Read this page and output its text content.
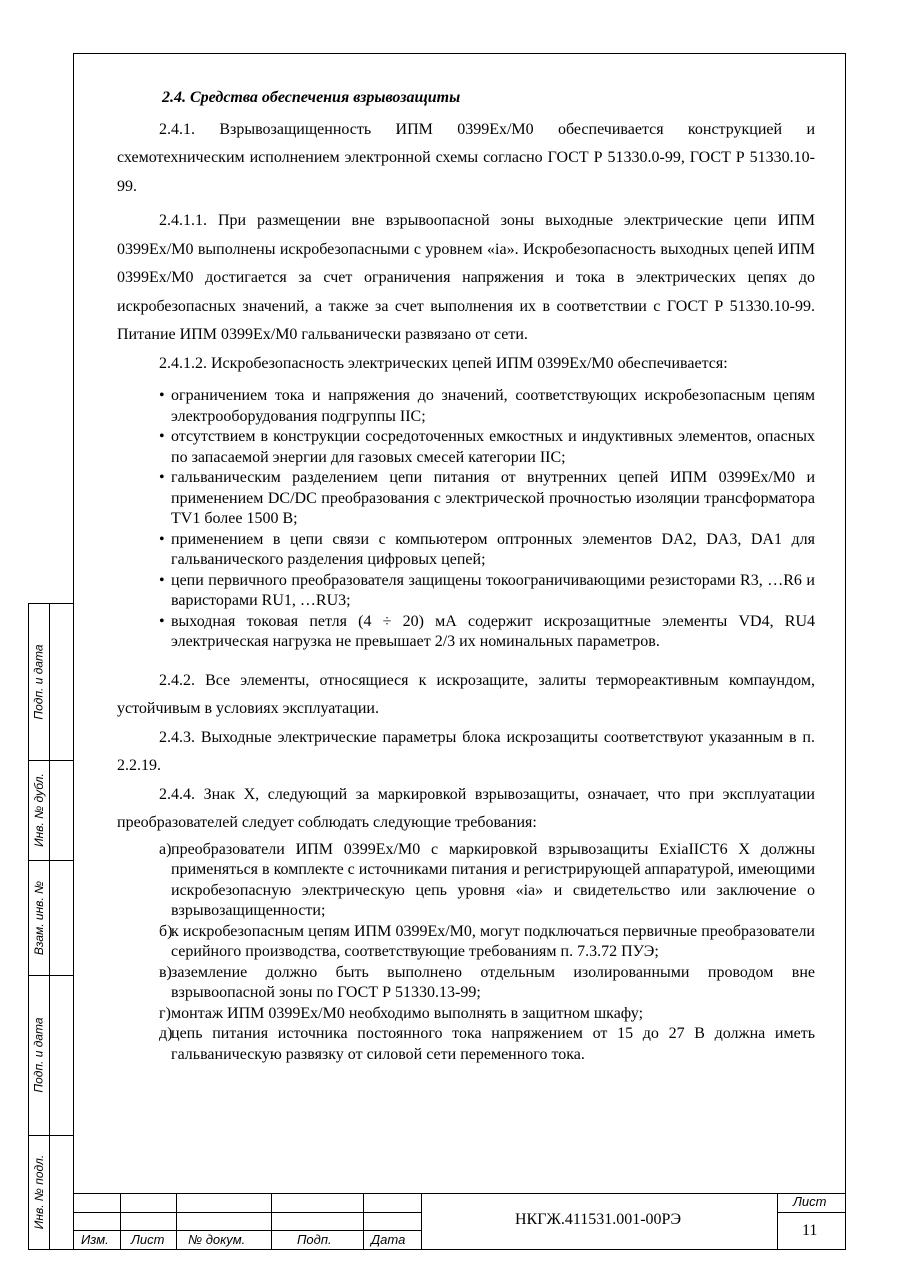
Подп. и дата
Инв. № дубл.
Взам. инв. №
Подп. и дата
Инв. № подл.
2.4. Средства обеспечения взрывозащиты

2.4.1. Взрывозащищенность ИПМ 0399Ex/M0 обеспечивается конструкцией и схемотехническим исполнением электронной схемы согласно ГОСТ Р 51330.0-99, ГОСТ Р 51330.10-99.

2.4.1.1. При размещении вне взрывоопасной зоны выходные электрические цепи ИПМ 0399Ex/M0 выполнены искробезопасными с уровнем «ia». Искробезопасность выходных цепей ИПМ 0399Ex/M0 достигается за счет ограничения напряжения и тока в электрических цепях до искробезопасных значений, а также за счет выполнения их в соответствии с ГОСТ Р 51330.10-99. Питание ИПМ 0399Ex/M0 гальванически развязано от сети.

2.4.1.2. Искробезопасность электрических цепей ИПМ 0399Ex/M0 обеспечивается:

• ограничением тока и напряжения до значений, соответствующих искробезопасным цепям электрооборудования подгруппы IIC;
• отсутствием в конструкции сосредоточенных емкостных и индуктивных элементов, опасных по запасаемой энергии для газовых смесей категории IIC;
• гальваническим разделением цепи питания от внутренних цепей ИПМ 0399Ex/M0 и применением DC/DC преобразования с электрической прочностью изоляции трансформатора TV1 более 1500 В;
• применением в цепи связи с компьютером оптронных элементов DA2, DA3, DA1 для гальванического разделения цифровых цепей;
• цепи первичного преобразователя защищены токоограничивающими резисторами R3, …R6 и варисторами RU1, …RU3;
• выходная токовая петля (4 ÷ 20) мА содержит искрозащитные элементы VD4, RU4 электрическая нагрузка не превышает 2/3 их номинальных параметров.

2.4.2. Все элементы, относящиеся к искрозащите, залиты термореактивным компаундом, устойчивым в условиях эксплуатации.

2.4.3. Выходные электрические параметры блока искрозащиты соответствуют указанным в п. 2.2.19.

2.4.4. Знак Х, следующий за маркировкой взрывозащиты, означает, что при эксплуатации преобразователей следует соблюдать следующие требования:

а) преобразователи ИПМ 0399Ex/M0 с маркировкой взрывозащиты ExiaIICT6 X должны применяться в комплекте с источниками питания и регистрирующей аппаратурой, имеющими искробезопасную электрическую цепь уровня «ia» и свидетельство или заключение о взрывозащищенности;
б)
к искробезопасным цепям ИПМ 0399Ex/M0, могут подключаться первичные преобразователи серийного производства, соответствующие требованиям п. 7.3.72 ПУЭ;
в) заземление должно быть выполнено отдельным изолированными проводом вне взрывоопасной зоны по ГОСТ Р 51330.13-99;
г) монтаж ИПМ 0399Ex/M0 необходимо выполнять в защитном шкафу;
д)
цепь питания источника постоянного тока напряжением от 15 до 27 В должна иметь гальваническую развязку от силовой сети переменного тока.
Изм. Лист № докум.	Подп.	Дата
НКГЖ.411531.001-00РЭ
Лист
11
